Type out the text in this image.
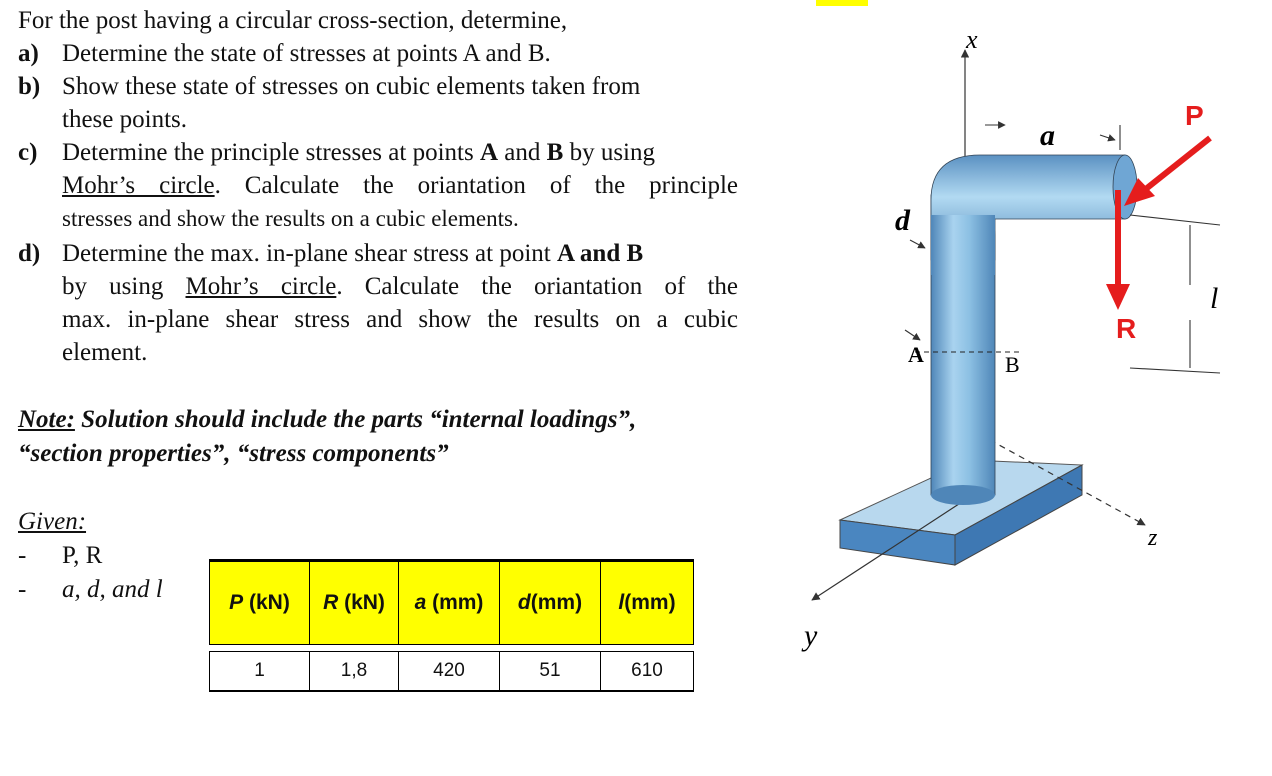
For the post having a circular cross-section, determine,
a) Determine the state of stresses at points A and B.
b) Show these state of stresses on cubic elements taken from
these points.
c) Determine the principle stresses at points A and B by using
Mohr’s circle. Calculate the oriantation of the principle
stresses and show the results on a cubic elements.
d) Determine the max. in-plane shear stress at point A and B
by using Mohr’s circle. Calculate the oriantation of the
max. in-plane shear stress and show the results on a cubic
element.
Note: Solution should include the parts “internal loadings”,
“section properties”, “stress components”
Given:
- P, R
- a, d, and l	P (kN)	R (kN)	a (mm)	d(mm)	l(mm)

1	1,8	420	51	610
x
y
z
a
d
l
A	B
P
R
